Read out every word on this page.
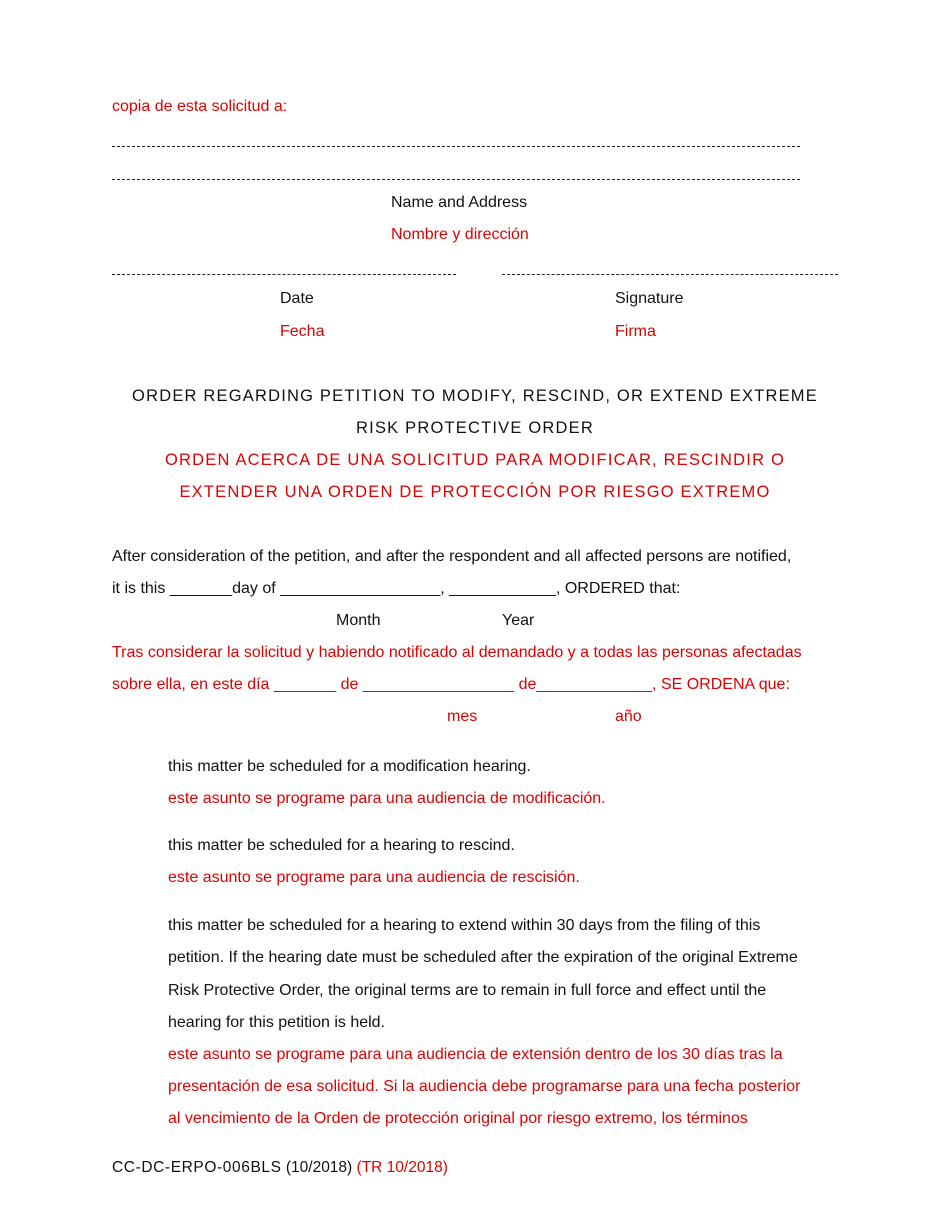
copia de esta solicitud a:
Name and Address
Nombre y dirección
Date
Fecha
Signature
Firma
ORDER REGARDING PETITION TO MODIFY, RESCIND, OR EXTEND EXTREME
RISK PROTECTIVE ORDER
ORDEN ACERCA DE UNA SOLICITUD PARA MODIFICAR, RESCINDIR O
EXTENDER UNA ORDEN DE PROTECCIÓN POR RIESGO EXTREMO
After consideration of the petition, and after the respondent and all affected persons are notified,
it is this _______day of __________________, ____________, ORDERED that:
Month	Year
Tras considerar la solicitud y habiendo notificado al demandado y a todas las personas afectadas
sobre ella, en este día _______ de _________________ de_____________, SE ORDENA que:
mes	año
this matter be scheduled for a modification hearing.
este asunto se programe para una audiencia de modificación.
this matter be scheduled for a hearing to rescind.
este asunto se programe para una audiencia de rescisión.
this matter be scheduled for a hearing to extend within 30 days from the filing of this
petition. If the hearing date must be scheduled after the expiration of the original Extreme
Risk Protective Order, the original terms are to remain in full force and effect until the
hearing for this petition is held.
este asunto se programe para una audiencia de extensión dentro de los 30 días tras la
presentación de esa solicitud. Si la audiencia debe programarse para una fecha posterior
al vencimiento de la Orden de protección original por riesgo extremo, los términos
CC-DC-ERPO-006BLS (10/2018) (TR 10/2018)
